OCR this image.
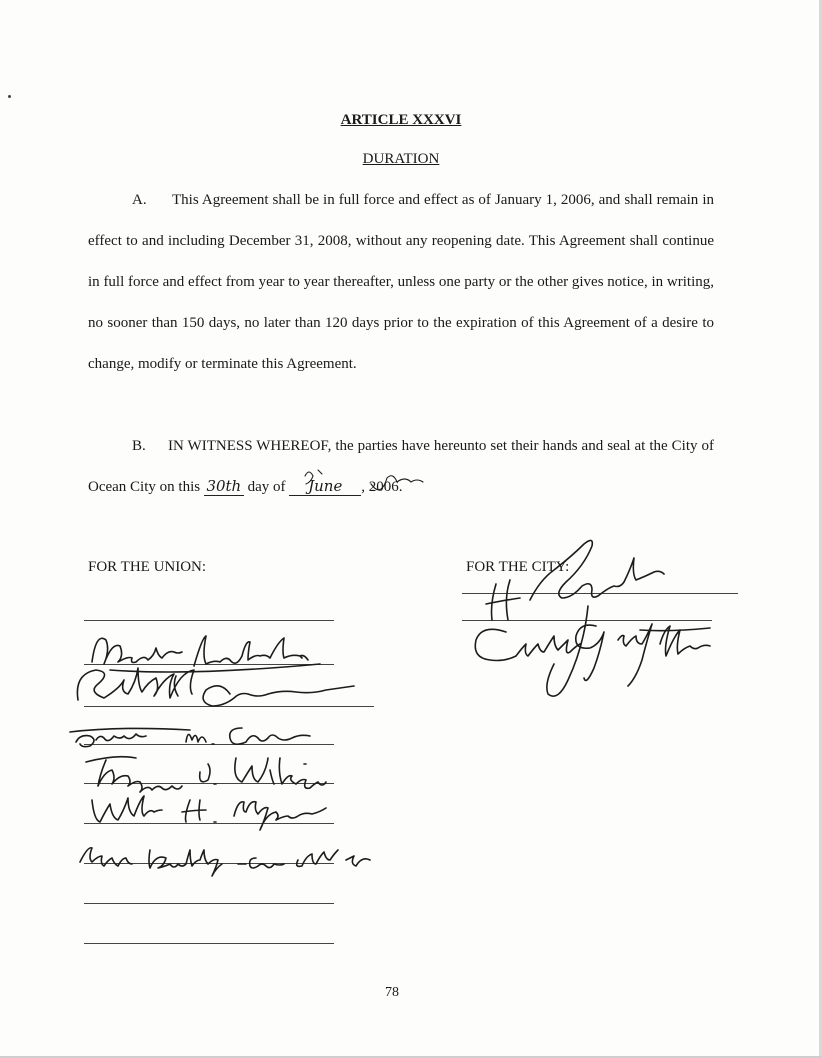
ARTICLE XXXVI
DURATION
A. This Agreement shall be in full force and effect as of January 1, 2006, and shall remain in effect to and including December 31, 2008, without any reopening date. This Agreement shall continue in full force and effect from year to year thereafter, unless one party or the other gives notice, in writing, no sooner than 150 days, no later than 120 days prior to the expiration of this Agreement of a desire to change, modify or terminate this Agreement.
B. IN WITNESS WHEREOF, the parties have hereunto set their hands and seal at the City of Ocean City on this 30th day of June , 2006.
FOR THE UNION:	FOR THE CITY:
78
